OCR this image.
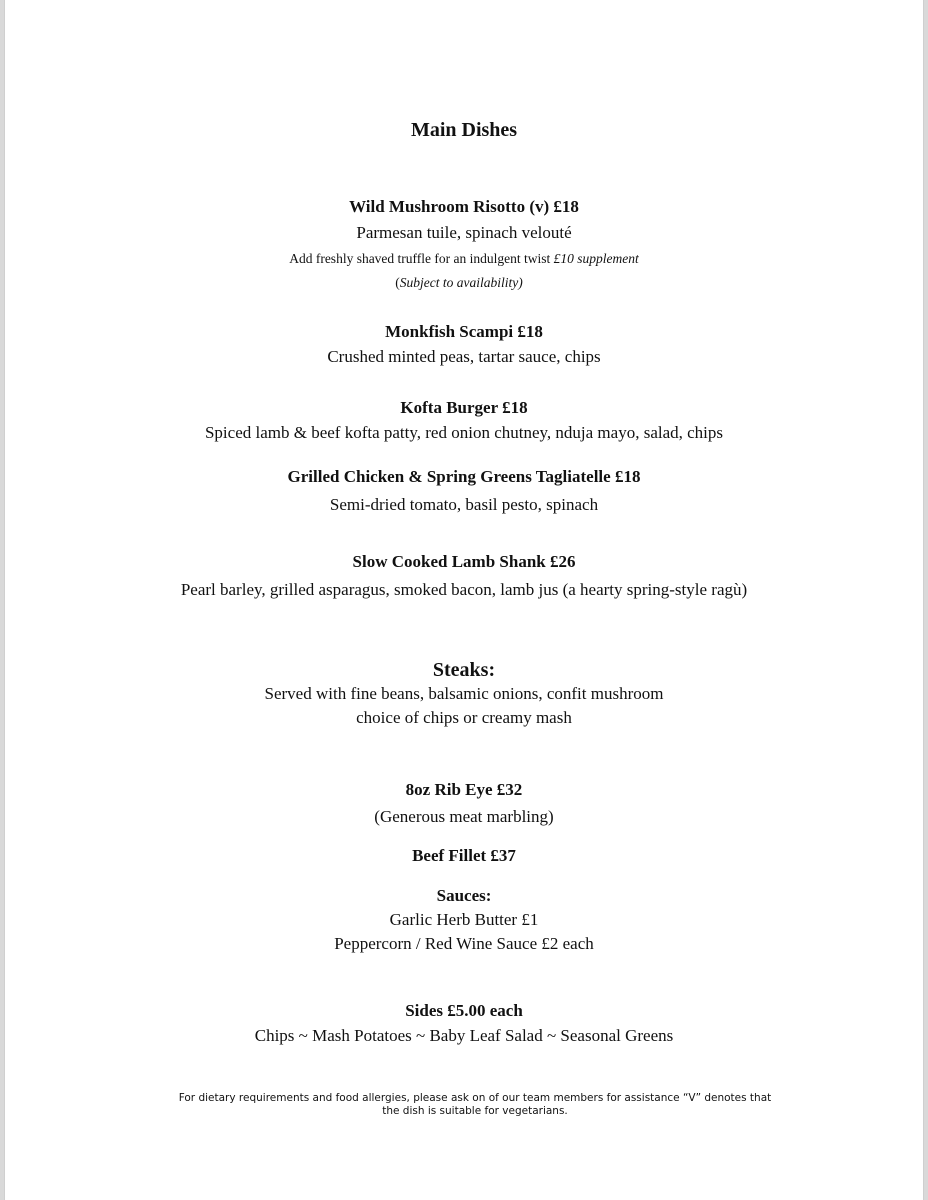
Main Dishes
Wild Mushroom Risotto (v) £18
Parmesan tuile, spinach velouté
Add freshly shaved truffle for an indulgent twist £10 supplement
(Subject to availability)
Monkfish Scampi £18
Crushed minted peas, tartar sauce, chips
Kofta Burger £18
Spiced lamb & beef kofta patty, red onion chutney, nduja mayo, salad, chips
Grilled Chicken & Spring Greens Tagliatelle £18
Semi-dried tomato, basil pesto, spinach
Slow Cooked Lamb Shank £26
Pearl barley, grilled asparagus, smoked bacon, lamb jus (a hearty spring-style ragù)
Steaks:
Served with fine beans, balsamic onions, confit mushroom
choice of chips or creamy mash
8oz Rib Eye £32
(Generous meat marbling)
Beef Fillet £37
Sauces:
Garlic Herb Butter £1
Peppercorn / Red Wine Sauce £2 each
Sides £5.00 each
Chips ~ Mash Potatoes ~ Baby Leaf Salad ~ Seasonal Greens
For dietary requirements and food allergies, please ask on of our team members for assistance “V” denotes that the dish is suitable for vegetarians.
